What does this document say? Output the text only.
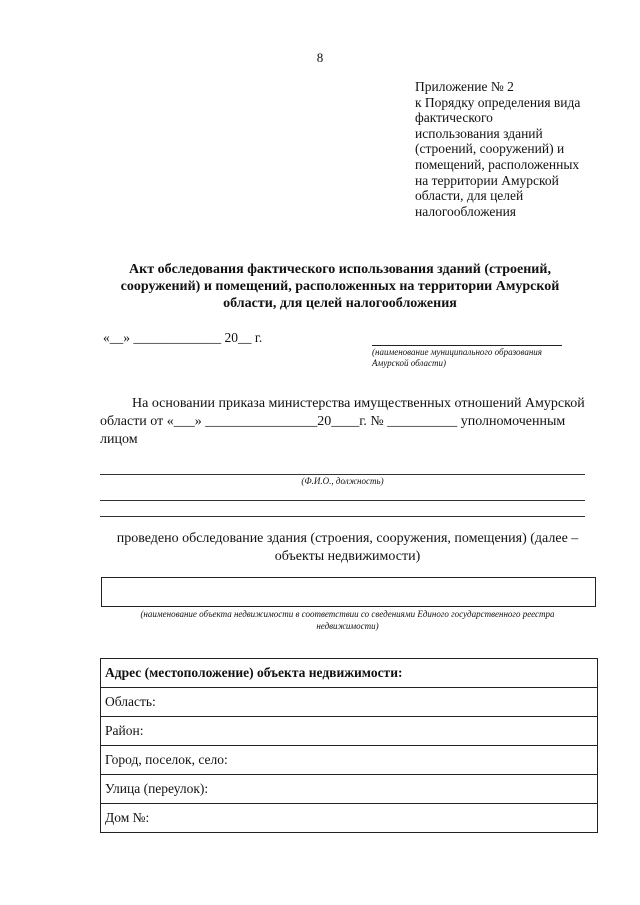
8
Приложение № 2
к Порядку определения вида
фактического
использования зданий
(строений, сооружений) и
помещений, расположенных
на территории Амурской
области, для целей
налогообложения
Акт обследования фактического использования зданий (строений,
сооружений) и помещений, расположенных на территории Амурской
области, для целей налогообложения
«__» _____________ 20__ г.
(наименование муниципального образования
Амурской области)
На основании приказа министерства имущественных отношений Амурской
области от «___» ________________20____г. № __________ уполномоченным
лицом
(Ф.И.О., должность)
проведено обследование здания (строения, сооружения, помещения) (далее –
объекты недвижимости)
(наименование объекта недвижимости в соответствии со сведениями Единого государственного реестра
недвижимости)
Адрес (местоположение) объекта недвижимости:
Область:
Район:
Город, поселок, село:
Улица (переулок):
Дом №:
